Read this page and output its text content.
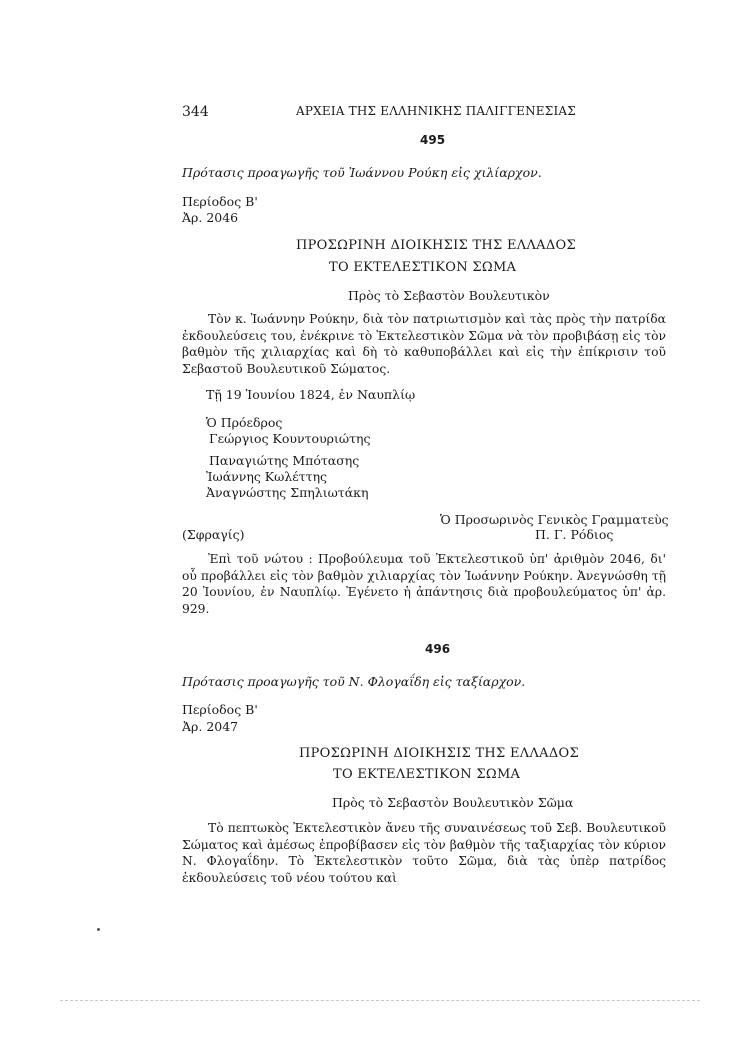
344	ΑΡΧΕΙΑ ΤΗΣ ΕΛΛΗΝΙΚΗΣ ΠΑΛΙΓΓΕΝΕΣΙΑΣ
495
Πρότασις προαγωγῆς τοῦ Ἰωάννου Ρούκη εἰς χιλίαρχον.
Περίοδος Β'
Ἀρ. 2046
ΠΡΟΣΩΡΙΝΗ ΔΙΟΙΚΗΣΙΣ ΤΗΣ ΕΛΛΑΔΟΣ
ΤΟ ΕΚΤΕΛΕΣΤΙΚΟΝ ΣΩΜΑ
Πρὸς τὸ Σεβαστὸν Βουλευτικὸν
Τὸν κ. Ἰωάννην Ρούκην, διὰ τὸν πατριωτισμὸν καὶ τὰς πρὸς τὴν πατρίδα ἐκδουλεύσεις του, ἐνέκρινε τὸ Ἐκτελεστικὸν Σῶμα νὰ τὸν προβιβάσῃ εἰς τὸν βαθμὸν τῆς χιλιαρχίας καὶ δὴ τὸ καθυποβάλλει καὶ εἰς τὴν ἐπίκρισιν τοῦ Σεβαστοῦ Βουλευτικοῦ Σώματος.
Τῇ 19 Ἰουνίου 1824, ἐν Ναυπλίῳ
Ὁ Πρόεδρος
Γεώργιος Κουντουριώτης
Παναγιώτης Μπότασης
Ἰωάννης Κωλέττης
Ἀναγνώστης Σπηλιωτάκη
Ὁ Προσωρινὸς Γενικὸς Γραμματεὺς
(Σφραγίς)	Π. Γ. Ρόδιος
Ἐπὶ τοῦ νώτου : Προβούλευμα τοῦ Ἐκτελεστικοῦ ὑπ' ἀριθμὸν 2046, δι' οὗ προβάλλει εἰς τὸν βαθμὸν χιλιαρχίας τὸν Ἰωάννην Ρούκην. Ἀνεγνώσθη τῇ 20 Ἰουνίου, ἐν Ναυπλίῳ. Ἐγένετο ἡ ἀπάντησις διὰ προβουλεύματος ὑπ' ἀρ. 929.
496
Πρότασις προαγωγῆς τοῦ Ν. Φλογαΐδη εἰς ταξίαρχον.
Περίοδος Β'
Ἀρ. 2047
ΠΡΟΣΩΡΙΝΗ ΔΙΟΙΚΗΣΙΣ ΤΗΣ ΕΛΛΑΔΟΣ
ΤΟ ΕΚΤΕΛΕΣΤΙΚΟΝ ΣΩΜΑ
Πρὸς τὸ Σεβαστὸν Βουλευτικὸν Σῶμα
Τὸ πεπτωκὸς Ἐκτελεστικὸν ἄνευ τῆς συναινέσεως τοῦ Σεβ. Βουλευτικοῦ Σώματος καὶ ἀμέσως ἐπροβίβασεν εἰς τὸν βαθμὸν τῆς ταξιαρχίας τὸν κύριον Ν. Φλογαΐδην. Τὸ Ἐκτελεστικὸν τοῦτο Σῶμα, διὰ τὰς ὑπὲρ πατρίδος ἐκδουλεύσεις τοῦ νέου τούτου καὶ
